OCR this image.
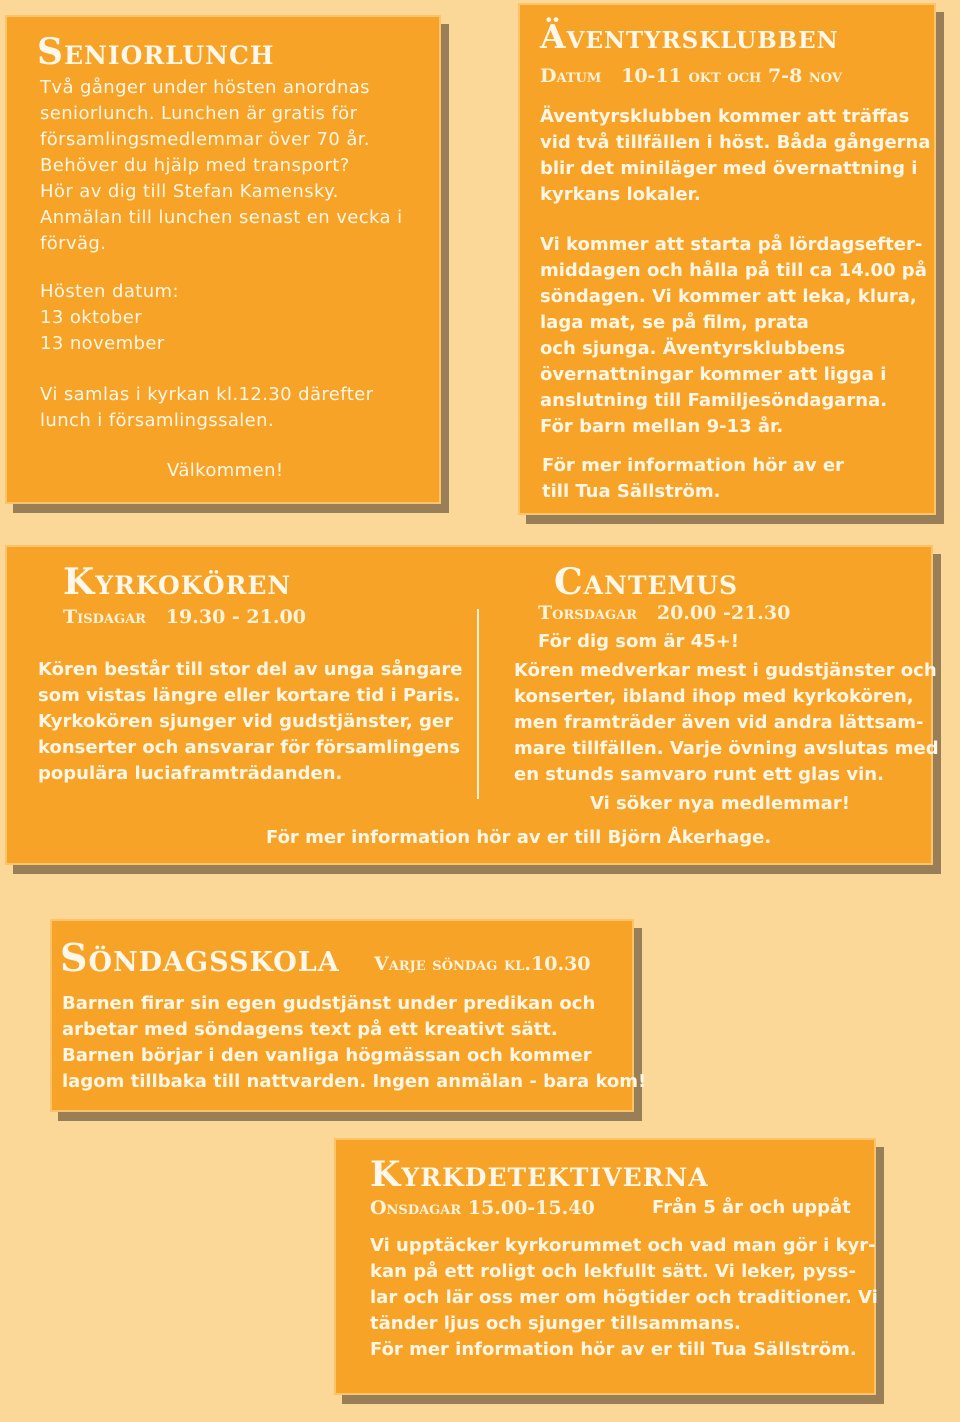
Seniorlunch
Två gånger under hösten anordnas
seniorlunch. Lunchen är gratis för
församlingsmedlemmar över 70 år.
Behöver du hjälp med transport?
Hör av dig till Stefan Kamensky.
Anmälan till lunchen senast en vecka i
förväg.
Hösten datum:
13 oktober
13 november
Vi samlas i kyrkan kl.12.30 därefter
lunch i församlingssalen.
Välkommen!
Äventyrsklubben
Datum   10-11 okt och 7-8 nov
Äventyrsklubben kommer att träffas
vid två tillfällen i höst. Båda gångerna
blir det miniläger med övernattning i
kyrkans lokaler.
Vi kommer att starta på lördagsefter-
middagen och hålla på till ca 14.00 på
söndagen. Vi kommer att leka, klura,
laga mat, se på film, prata
och sjunga. Äventyrsklubbens
övernattningar kommer att ligga i
anslutning till Familjesöndagarna.
För barn mellan 9-13 år.
För mer information hör av er
till Tua Sällström.
Kyrkokören
Tisdagar   19.30 - 21.00
Kören består till stor del av unga sångare
som vistas längre eller kortare tid i Paris.
Kyrkokören sjunger vid gudstjänster, ger
konserter och ansvarar för församlingens
populära luciaframträdanden.
Cantemus
Torsdagar   20.00 -21.30
För dig som är 45+!
Kören medverkar mest i gudstjänster och
konserter, ibland ihop med kyrkokören,
men framträder även vid andra lättsam-
mare tillfällen. Varje övning avslutas med
en stunds samvaro runt ett glas vin.
Vi söker nya medlemmar!
För mer information hör av er till Björn Åkerhage.
Söndagsskola Varje söndag kl.10.30
Barnen firar sin egen gudstjänst under predikan och
arbetar med söndagens text på ett kreativt sätt.
Barnen börjar i den vanliga högmässan och kommer
lagom tillbaka till nattvarden. Ingen anmälan - bara kom!
Kyrkdetektiverna
Onsdagar 15.00-15.40	Från 5 år och uppåt
Vi upptäcker kyrkorummet och vad man gör i kyr-
kan på ett roligt och lekfullt sätt. Vi leker, pyss-
lar och lär oss mer om högtider och traditioner. Vi
tänder ljus och sjunger tillsammans.
För mer information hör av er till Tua Sällström.
